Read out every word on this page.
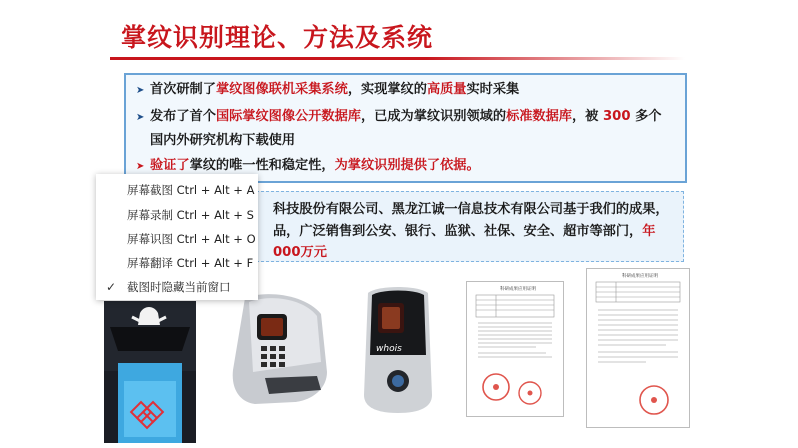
掌纹识别理论、方法及系统
➤ 首次研制了掌纹图像联机采集系统，实现掌纹的高质量实时采集
➤ 发布了首个国际掌纹图像公开数据库，已成为掌纹识别领域的标准数据库，被 300 多个
国内外研究机构下载使用
➤ 验证了掌纹的唯一性和稳定性，为掌纹识别提供了依据。
科技股份有限公司、黑龙江诚一信息技术有限公司基于我们的成果，
品，广泛销售到公安、银行、监狱、社保、安全、超市等部门，年
000万元
whois
科研成果应用证明
科研成果应用证明
屏幕截图 Ctrl + Alt + A
屏幕录制 Ctrl + Alt + S
屏幕识图 Ctrl + Alt + O
屏幕翻译 Ctrl + Alt + F
✓ 截图时隐藏当前窗口
